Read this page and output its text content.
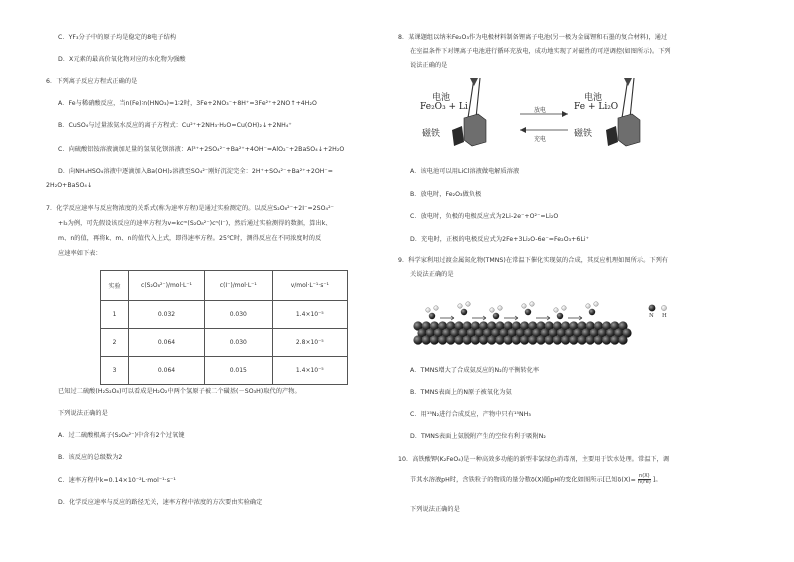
C．YF₃分子中的原子均是稳定的8电子结构
D．X元素的最高价氧化物对应的水化物为强酸
6．下列离子反应方程式正确的是
A．Fe与稀硝酸反应，当n(Fe)∶n(HNO₃)=1∶2时，3Fe+2NO₃⁻+8H⁺=3Fe²⁺+2NO↑+4H₂O
B．CuSO₄与过量浓氨水反应的离子方程式：Cu²⁺+2NH₃·H₂O=Cu(OH)₂↓+2NH₄⁺
C．向硫酸铝铵溶液滴加足量的氢氧化钡溶液：Al³⁺+2SO₄²⁻+Ba²⁺+4OH⁻=AlO₂⁻+2BaSO₄↓+2H₂O
D．向NH₄HSO₄溶液中逐滴加入Ba(OH)₂溶液至SO₄²⁻刚好沉淀完全：2H⁺+SO₄²⁻+Ba²⁺+2OH⁻=
2H₂O+BaSO₄↓
7．化学反应速率与反应物浓度的关系式(称为速率方程)是通过实验测定的。以反应S₂O₈²⁻+2I⁻=2SO₄²⁻
+I₂为例，可先假设该反应的速率方程为v=kcᵐ(S₂O₈²⁻)cⁿ(I⁻)，然后通过实验测得的数据，算出k、
m、n的值，再将k、m、n的值代入上式，即得速率方程。25℃时，测得反应在不同浓度时的反
应速率如下表：
实验	c(S₂O₈²⁻)/mol·L⁻¹	c(I⁻)/mol·L⁻¹	v/mol·L⁻¹·s⁻¹
1	0.032	0.030	1.4×10⁻⁵
2	0.064	0.030	2.8×10⁻⁵
3	0.064	0.015	1.4×10⁻⁵
已知过二硫酸(H₂S₂O₈)可以看成是H₂O₂中两个氢原子被二个磺基(－SO₃H)取代的产物。
下列说法正确的是
A．过二硫酸根离子(S₂O₈²⁻)中含有2个过氧键
B．该反应的总级数为2
C．速率方程中k=0.14×10⁻²L·mol⁻¹·s⁻¹
D．化学反应速率与反应的路径无关，速率方程中浓度的方次要由实验确定
8．某课题组以纳米Fe₂O₃作为电极材料制备锂离子电池(另一极为金属锂和石墨的复合材料)，通过
在室温条件下对锂离子电池进行循环充放电，成功地实现了对磁性的可逆调控(如图所示)。下列
说法正确的是
电池
Fe₂O₃ + Li
磁铁
放电
充电
电池
Fe + Li₂O
磁铁
A．该电池可以用LiCl溶液做电解质溶液
B．放电时，Fe₂O₃做负极
C．放电时，负极的电极反应式为2Li-2e⁻+O²⁻=Li₂O
D．充电时，正极的电极反应式为2Fe+3Li₂O-6e⁻=Fe₂O₃+6Li⁺
9．科学家利用过渡金属氮化物(TMNS)在常温下催化实现氨的合成，其反应机理如图所示。下列有
关说法正确的是
N H
A．TMNS增大了合成氨反应的N₂的平衡转化率
B．TMNS表面上的N原子被氧化为氨
C．用¹⁵N₂进行合成反应，产物中只有¹⁵NH₃
D．TMNS表面上氨脱附产生的空位有利于吸附N₂
10．高铁酸钾(K₂FeO₄)是一种高效多功能的新型非氯绿色消毒剂，主要用于饮水处理。常温下，调
节其水溶液pH时，含铁粒子的物质的量分数δ(X)随pH的变化如图所示[已知$\delta(X)= \frac{n(X)}{n(Fe)}$ ]。
下列说法正确的是
